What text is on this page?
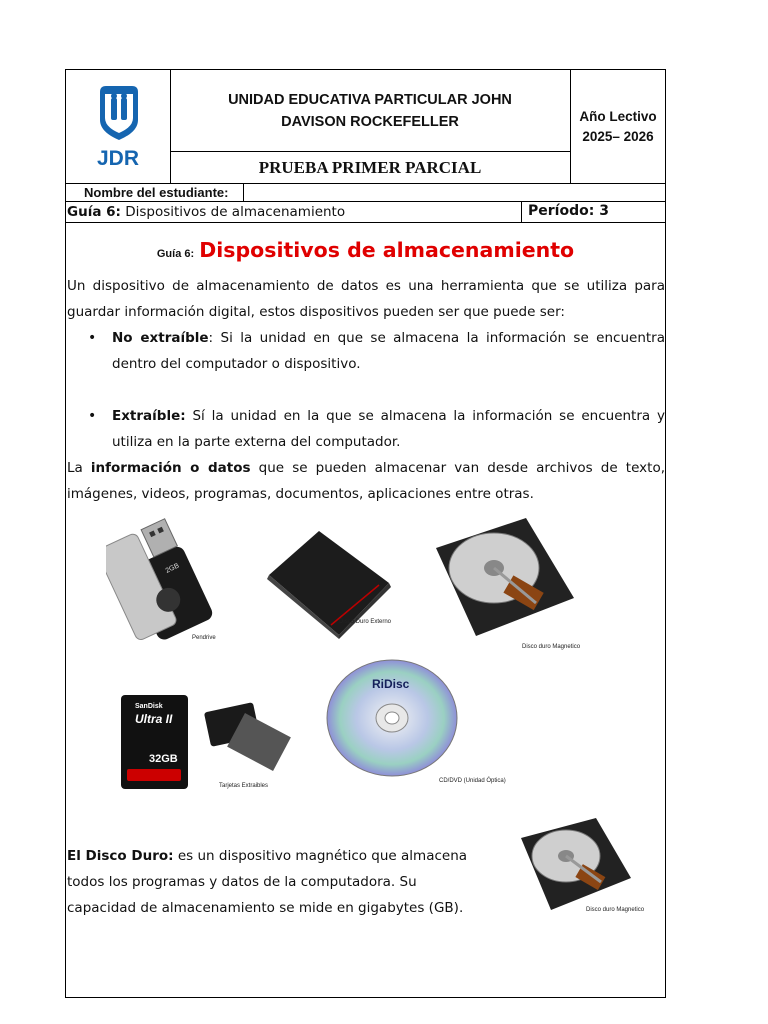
JDR
UNIDAD EDUCATIVA PARTICULAR JOHN DAVISON ROCKEFELLER
PRUEBA PRIMER PARCIAL
Año Lectivo
2025– 2026
Nombre del estudiante:
Guía 6: Dispositivos de almacenamiento	Período: 3
Guía 6: Dispositivos de almacenamiento
Un dispositivo de almacenamiento de datos es una herramienta que se utiliza para guardar información digital, estos dispositivos pueden ser que puede ser:
• No extraíble: Si la unidad en que se almacena la información se encuentra dentro del computador o dispositivo.
• Extraíble: Sí la unidad en la que se almacena la información se encuentra y utiliza en la parte externa del computador.
La información o datos que se pueden almacenar van desde archivos de texto, imágenes, videos, programas, documentos, aplicaciones entre otras.
2GB
Pendrive
Disco Duro Externo
Disco duro Magnetico
SanDisk
Ultra II
32GB
Tarjetas Extraibles
RiDisc
CD/DVD (Unidad Óptica)
El Disco Duro: es un dispositivo magnético que almacena todos los programas y datos de la computadora. Su capacidad de almacenamiento se mide en gigabytes (GB).	Disco duro Magnetico
